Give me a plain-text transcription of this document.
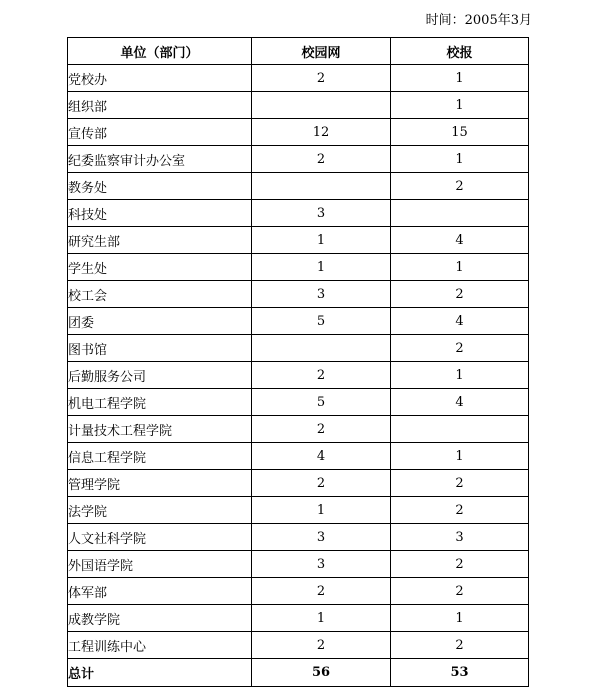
时间：2005年3月
单位（部门）	校园网	校报
党校办	2	1
组织部		1
宣传部	12	15
纪委监察审计办公室	2	1
教务处		2
科技处	3	
研究生部	1	4
学生处	1	1
校工会	3	2
团委	5	4
图书馆		2
后勤服务公司	2	1
机电工程学院	5	4
计量技术工程学院	2	
信息工程学院	4	1
管理学院	2	2
法学院	1	2
人文社科学院	3	3
外国语学院	3	2
体军部	2	2
成教学院	1	1
工程训练中心	2	2
总计	56	53
